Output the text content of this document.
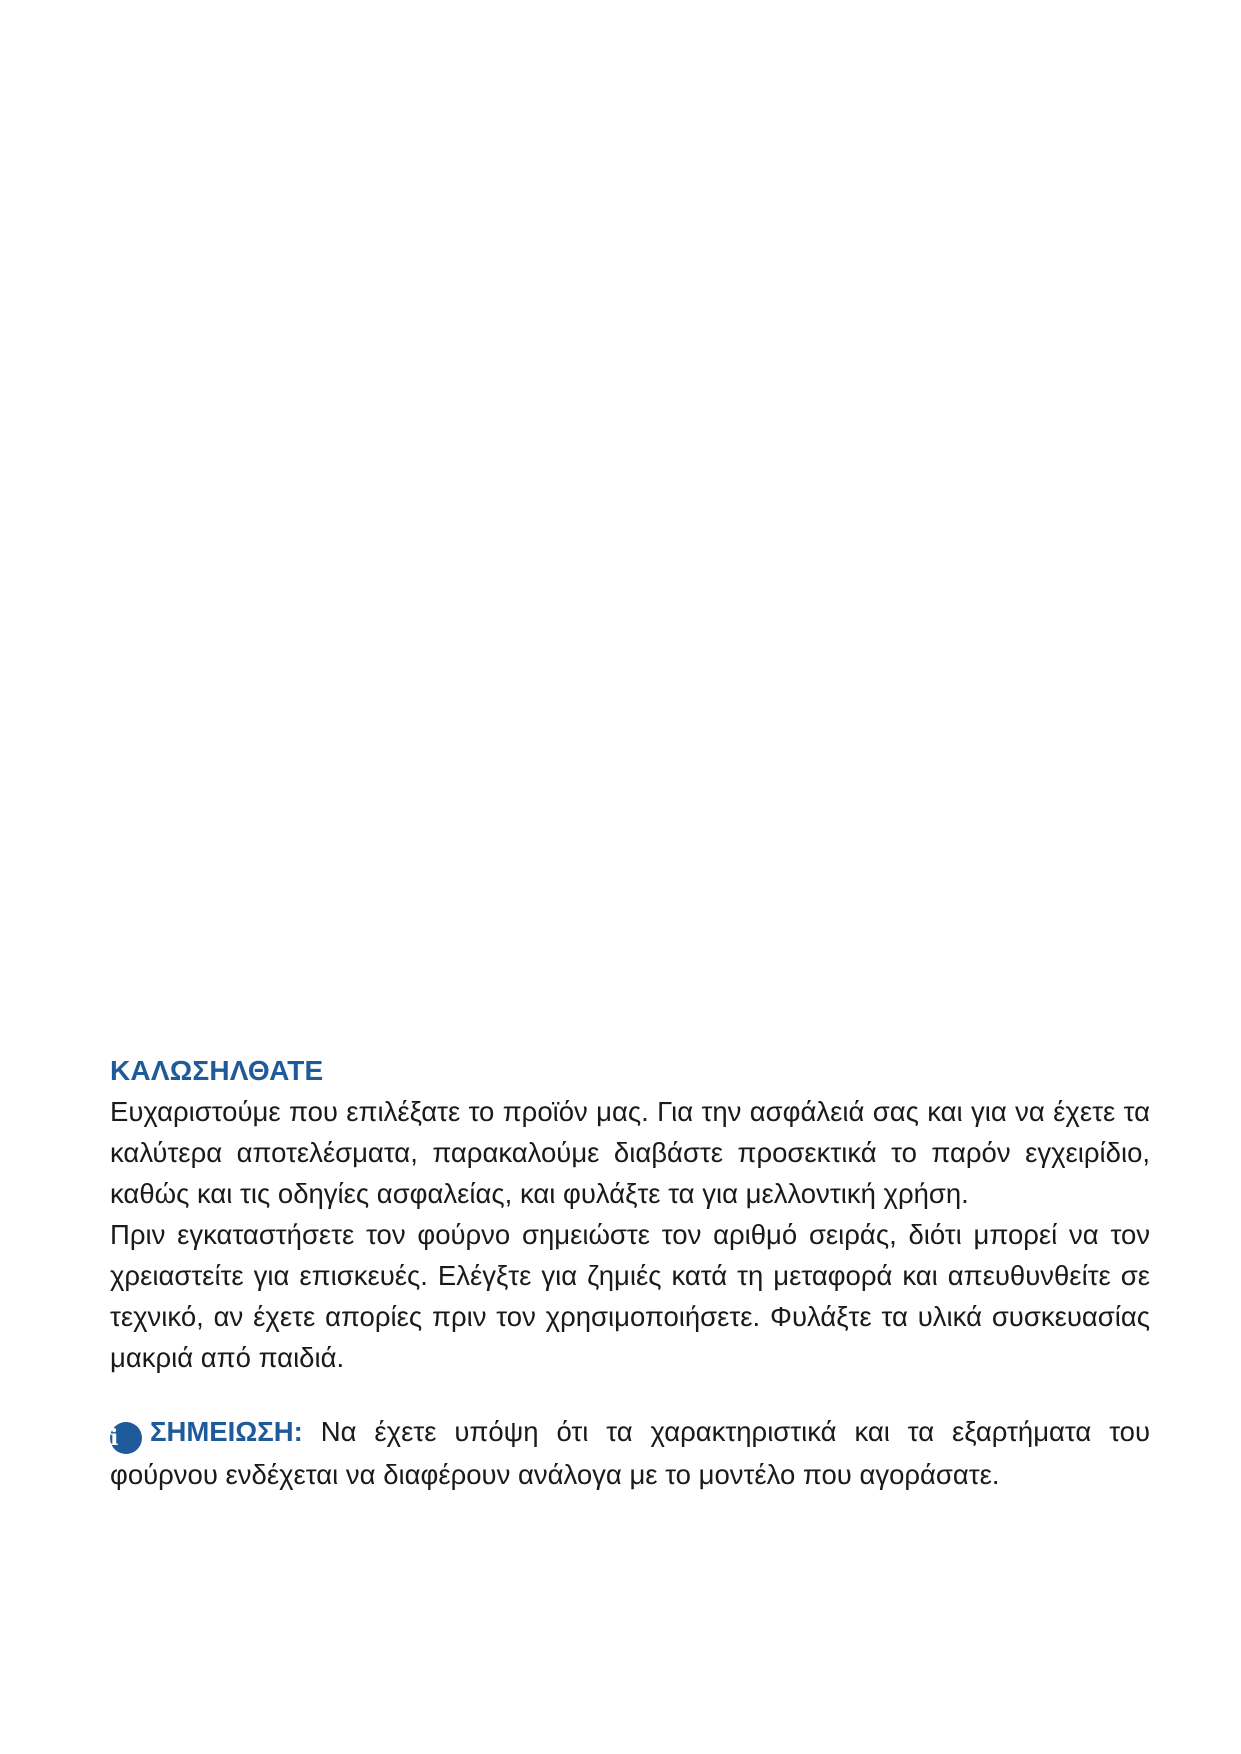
ΚΑΛΩΣΗΛΘΑΤΕ

Ευχαριστούμε που επιλέξατε το προϊόν μας. Για την ασφάλειά σας και για να έχετε τα καλύτερα αποτελέσματα, παρακαλούμε διαβάστε προσεκτικά το παρόν εγχειρίδιο, καθώς και τις οδηγίες ασφαλείας, και φυλάξτε τα για μελλοντική χρήση.

Πριν εγκαταστήσετε τον φούρνο σημειώστε τον αριθμό σειράς, διότι μπορεί να τον χρειαστείτε για επισκευές. Ελέγξτε για ζημιές κατά τη μεταφορά και απευθυνθείτε σε τεχνικό, αν έχετε απορίες πριν τον χρησιμοποιήσετε. Φυλάξτε τα υλικά συσκευασίας μακριά από παιδιά.

i ΣΗΜΕΙΩΣΗ: Να έχετε υπόψη ότι τα χαρακτηριστικά και τα εξαρτήματα του φούρνου ενδέχεται να διαφέρουν ανάλογα με το μοντέλο που αγοράσατε.
